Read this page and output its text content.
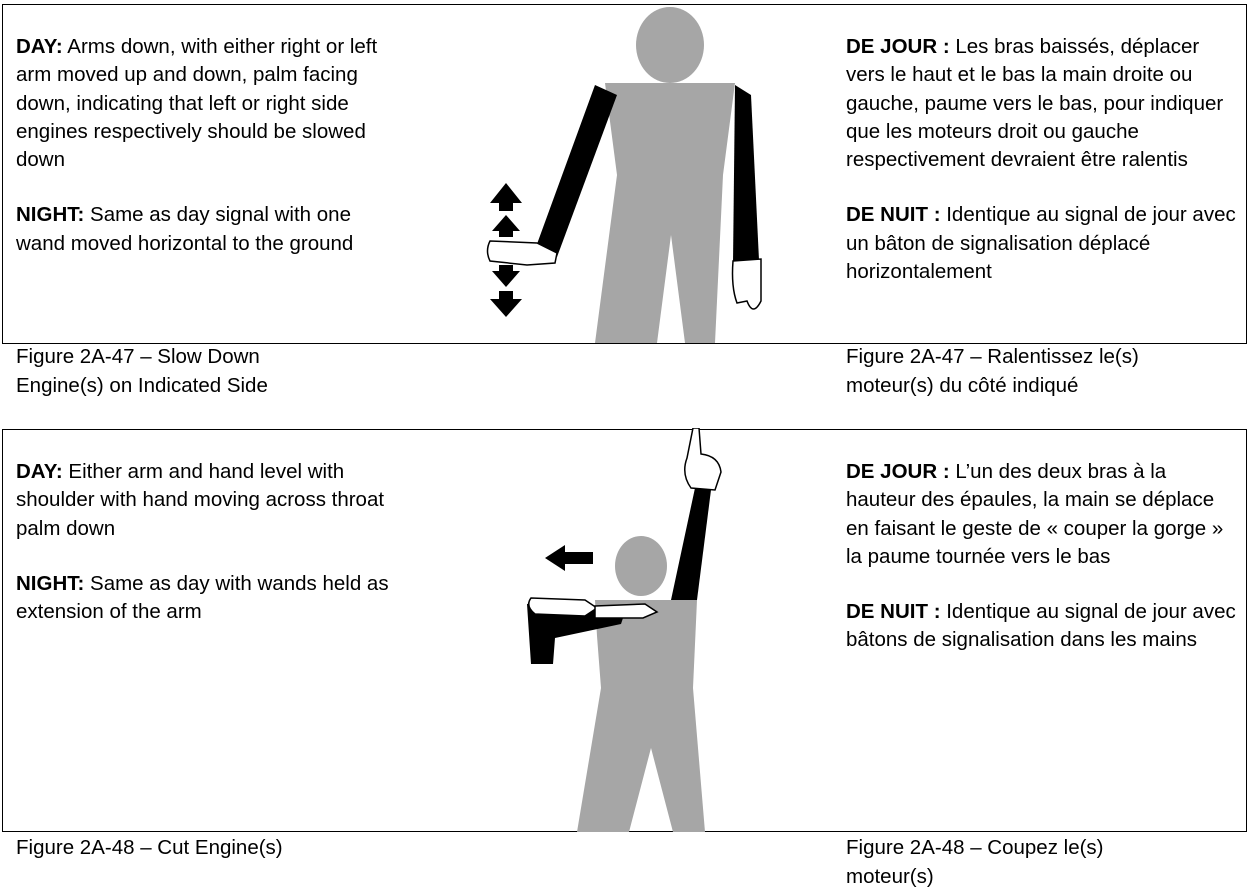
DAY: Arms down, with either right or left arm moved up and down, palm facing down, indicating that left or right side engines respectively should be slowed down

NIGHT: Same as day signal with one wand moved horizontal to the ground

DE JOUR : Les bras baissés, déplacer vers le haut et le bas la main droite ou gauche, paume vers le bas, pour indiquer que les moteurs droit ou gauche respectivement devraient être ralentis

DE NUIT : Identique au signal de jour avec un bâton de signalisation déplacé horizontalement

Figure 2A-47 – Slow Down
Engine(s) on Indicated Side
Figure 2A-47 – Ralentissez le(s)
moteur(s) du côté indiqué

DAY: Either arm and hand level with shoulder with hand moving across throat palm down

NIGHT: Same as day with wands held as extension of the arm

DE JOUR : L’un des deux bras à la hauteur des épaules, la main se déplace en faisant le geste de « couper la gorge » la paume tournée vers le bas

DE NUIT : Identique au signal de jour avec bâtons de signalisation dans les mains

Figure 2A-48 – Cut Engine(s)	Figure 2A-48 – Coupez le(s)
moteur(s)
